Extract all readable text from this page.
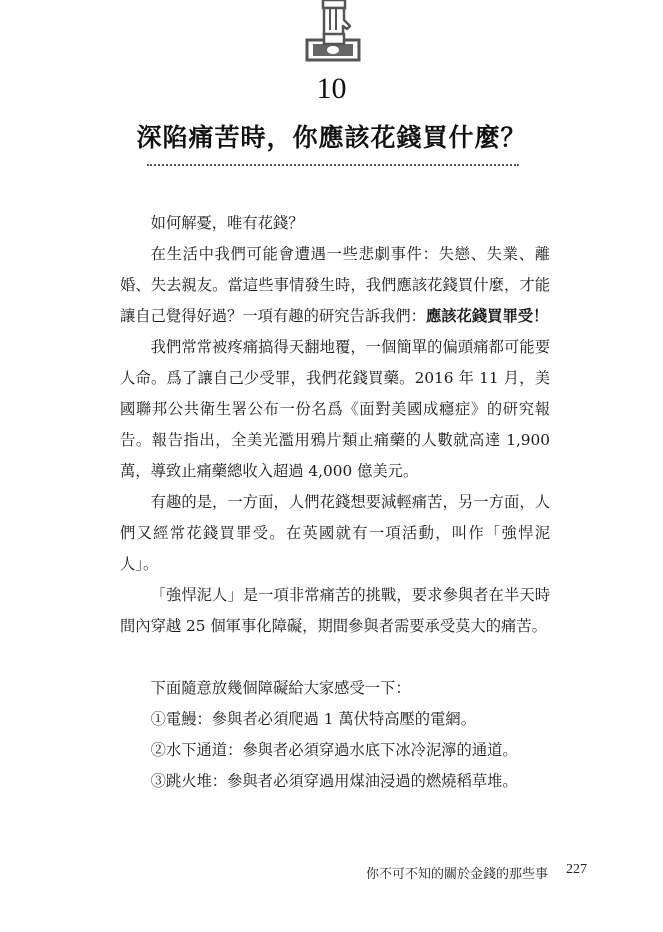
10
深陷痛苦時，你應該花錢買什麼？

如何解憂，唯有花錢？

在生活中我們可能會遭遇一些悲劇事件：失戀、失業、離婚、失去親友。當這些事情發生時，我們應該花錢買什麼，才能讓自己覺得好過？一項有趣的研究告訴我們：應該花錢買罪受！

我們常常被疼痛搞得天翻地覆，一個簡單的偏頭痛都可能要人命。爲了讓自己少受罪，我們花錢買藥。2016 年 11 月，美國聯邦公共衛生署公布一份名爲《面對美國成癮症》的研究報告。報告指出，全美光濫用鴉片類止痛藥的人數就高達 1,900 萬，導致止痛藥總收入超過 4,000 億美元。

有趣的是，一方面，人們花錢想要減輕痛苦，另一方面，人們又經常花錢買罪受。在英國就有一項活動，叫作「強悍泥人」。

「強悍泥人」是一項非常痛苦的挑戰，要求參與者在半天時間內穿越 25 個軍事化障礙，期間參與者需要承受莫大的痛苦。

下面隨意放幾個障礙給大家感受一下：

①電鰻：參與者必須爬過 1 萬伏特高壓的電網。

②水下通道：參與者必須穿過水底下冰冷泥濘的通道。

③跳火堆：參與者必須穿過用煤油浸過的燃燒稻草堆。

你不可不知的關於金錢的那些事 227
